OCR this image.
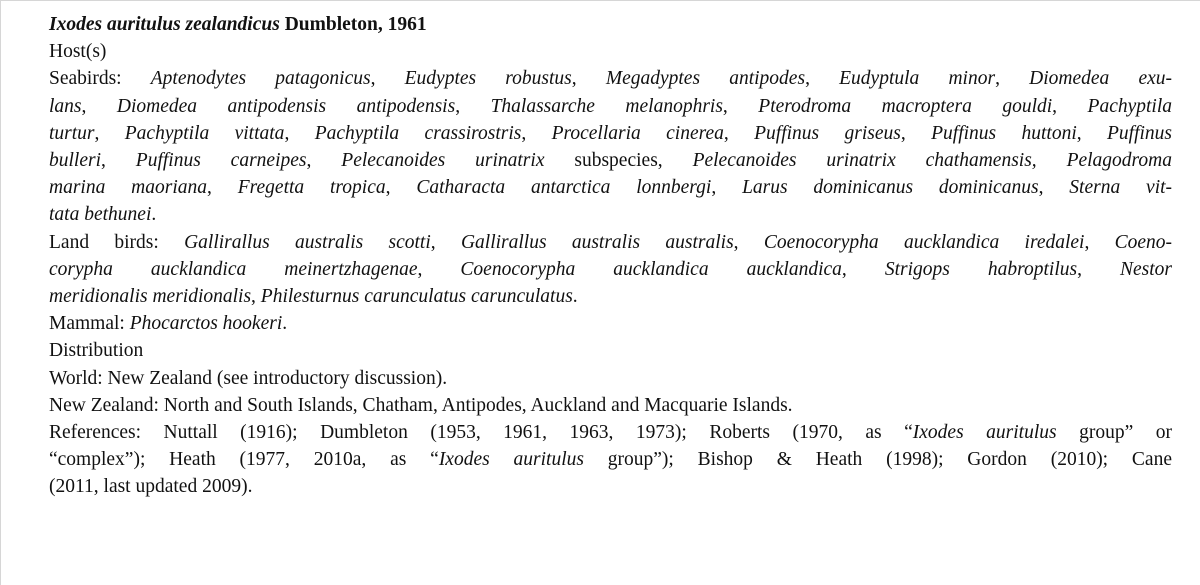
Ixodes auritulus zealandicus Dumbleton, 1961
Host(s)
Seabirds: Aptenodytes patagonicus, Eudyptes robustus, Megadyptes antipodes, Eudyptula minor, Diomedea exu-
lans, Diomedea antipodensis antipodensis, Thalassarche melanophris, Pterodroma macroptera gouldi, Pachyptila
turtur, Pachyptila vittata, Pachyptila crassirostris, Procellaria cinerea, Puffinus griseus, Puffinus huttoni, Puffinus
bulleri, Puffinus carneipes, Pelecanoides urinatrix subspecies, Pelecanoides urinatrix chathamensis, Pelagodroma
marina maoriana, Fregetta tropica, Catharacta antarctica lonnbergi, Larus dominicanus dominicanus, Sterna vit-
tata bethunei.
Land birds: Gallirallus australis scotti, Gallirallus australis australis, Coenocorypha aucklandica iredalei, Coeno-
corypha aucklandica meinertzhagenae, Coenocorypha aucklandica aucklandica, Strigops habroptilus, Nestor
meridionalis meridionalis, Philesturnus carunculatus carunculatus.
Mammal: Phocarctos hookeri.
Distribution
World: New Zealand (see introductory discussion).
New Zealand: North and South Islands, Chatham, Antipodes, Auckland and Macquarie Islands.
References: Nuttall (1916); Dumbleton (1953, 1961, 1963, 1973); Roberts (1970, as “Ixodes auritulus group” or
“complex”); Heath (1977, 2010a, as “Ixodes auritulus group”); Bishop & Heath (1998); Gordon (2010); Cane
(2011, last updated 2009).
